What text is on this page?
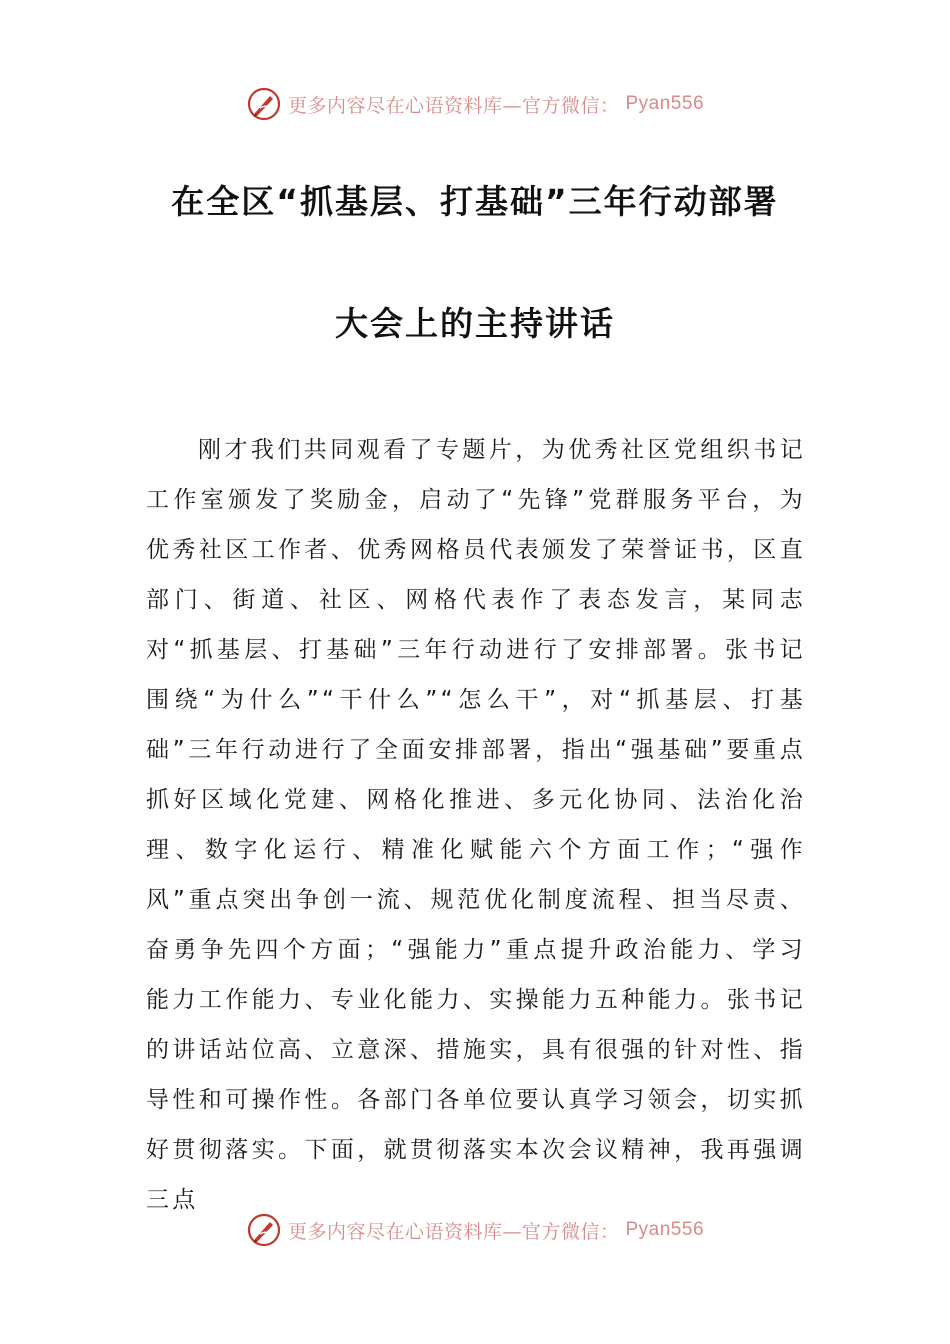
更多内容尽在心语资料库—官方微信： Pyan556
在全区“抓基层、打基础”三年行动部署
大会上的主持讲话

刚才我们共同观看了专题片，为优秀社区党组织书记工作室颁发了奖励金，启动了“先锋”党群服务平台，为优秀社区工作者、优秀网格员代表颁发了荣誉证书，区直部门、街道、社区、网格代表作了表态发言，某同志对“抓基层、打基础”三年行动进行了安排部署。张书记围绕“为什么”“干什么”“怎么干”，对“抓基层、打基础”三年行动进行了全面安排部署，指出“强基础”要重点抓好区域化党建、网格化推进、多元化协同、法治化治理、数字化运行、精准化赋能六个方面工作；“强作风”重点突出争创一流、规范优化制度流程、担当尽责、奋勇争先四个方面；“强能力”重点提升政治能力、学习能力工作能力、专业化能力、实操能力五种能力。张书记的讲话站位高、立意深、措施实，具有很强的针对性、指导性和可操作性。各部门各单位要认真学习领会，切实抓好贯彻落实。下面，就贯彻落实本次会议精神，我再强调三点

更多内容尽在心语资料库—官方微信： Pyan556
